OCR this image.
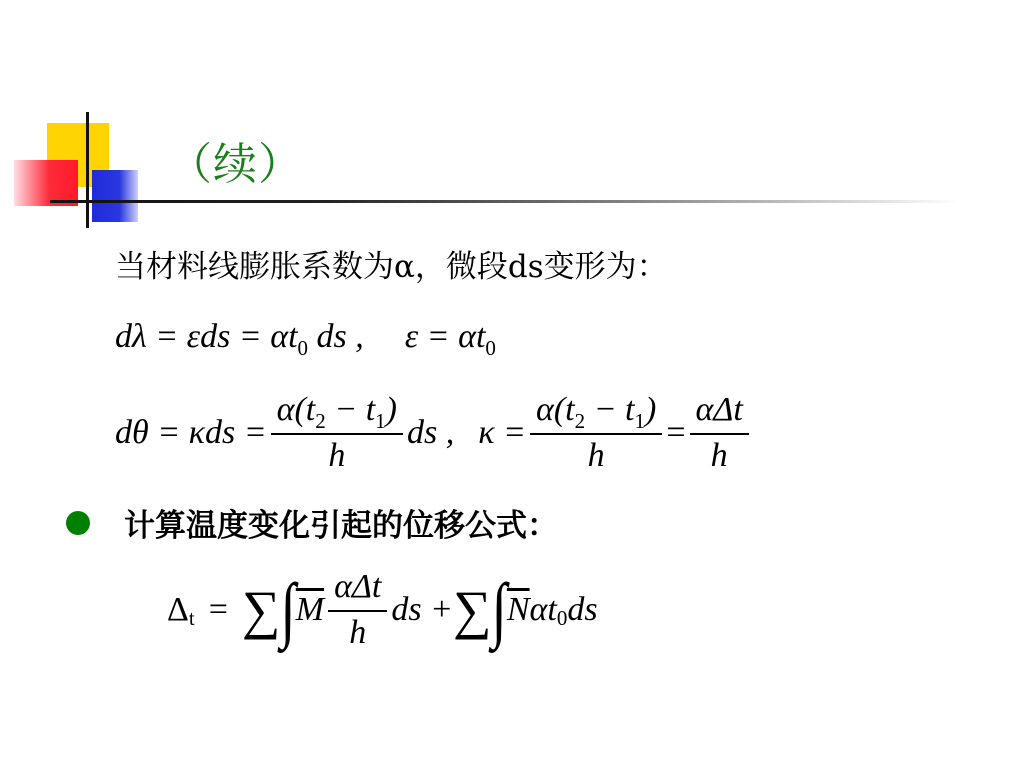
（续）
当材料线膨胀系数为α，微段ds变形为：
$d\lambda = \varepsilon ds = \alpha t_0$ ds , $\varepsilon = \alpha t_0$
$d\theta = \kappa ds = \frac{\alpha(t_2 - t_1)}{h}$ ds , $\kappa = \frac{\alpha(t_2 - t_1)}{h} = \frac{\text{αΔt}}{h}$
计算温度变化引起的位移公式：
Δ t = ∑ ∫ $\overline{M} \frac{\text{αΔt}}{h}$ ds + ∑ ∫ $\overline{N}$ αt 0 ds
